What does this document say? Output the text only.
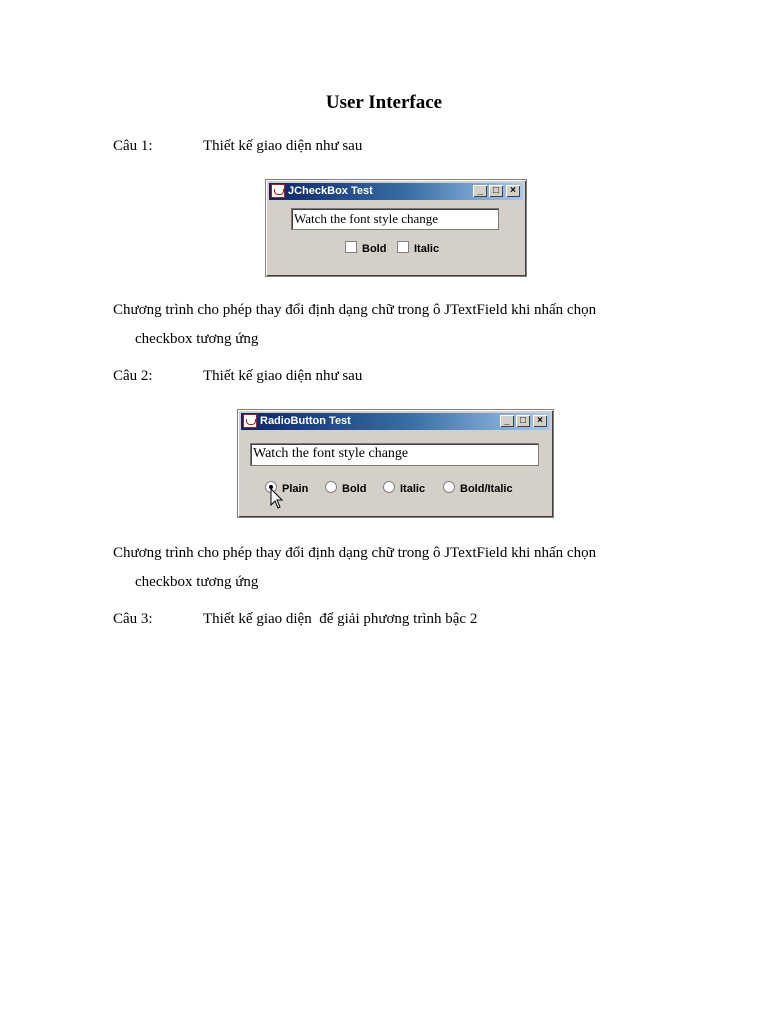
User Interface
Câu 1:	Thiết kế giao diện như sau
JCheckBox Test	_	□	×
Watch the font style change
Bold	Italic
Chương trình cho phép thay đổi định dạng chữ trong ô JTextField khi nhấn chọn
checkbox tương ứng
Câu 2:	Thiết kế giao diện như sau
RadioButton Test	_	□	×
Watch the font style change
Plain	Bold	Italic	Bold/Italic
Chương trình cho phép thay đổi định dạng chữ trong ô JTextField khi nhấn chọn
checkbox tương ứng
Câu 3:	Thiết kế giao diện  để giải phương trình bậc 2
